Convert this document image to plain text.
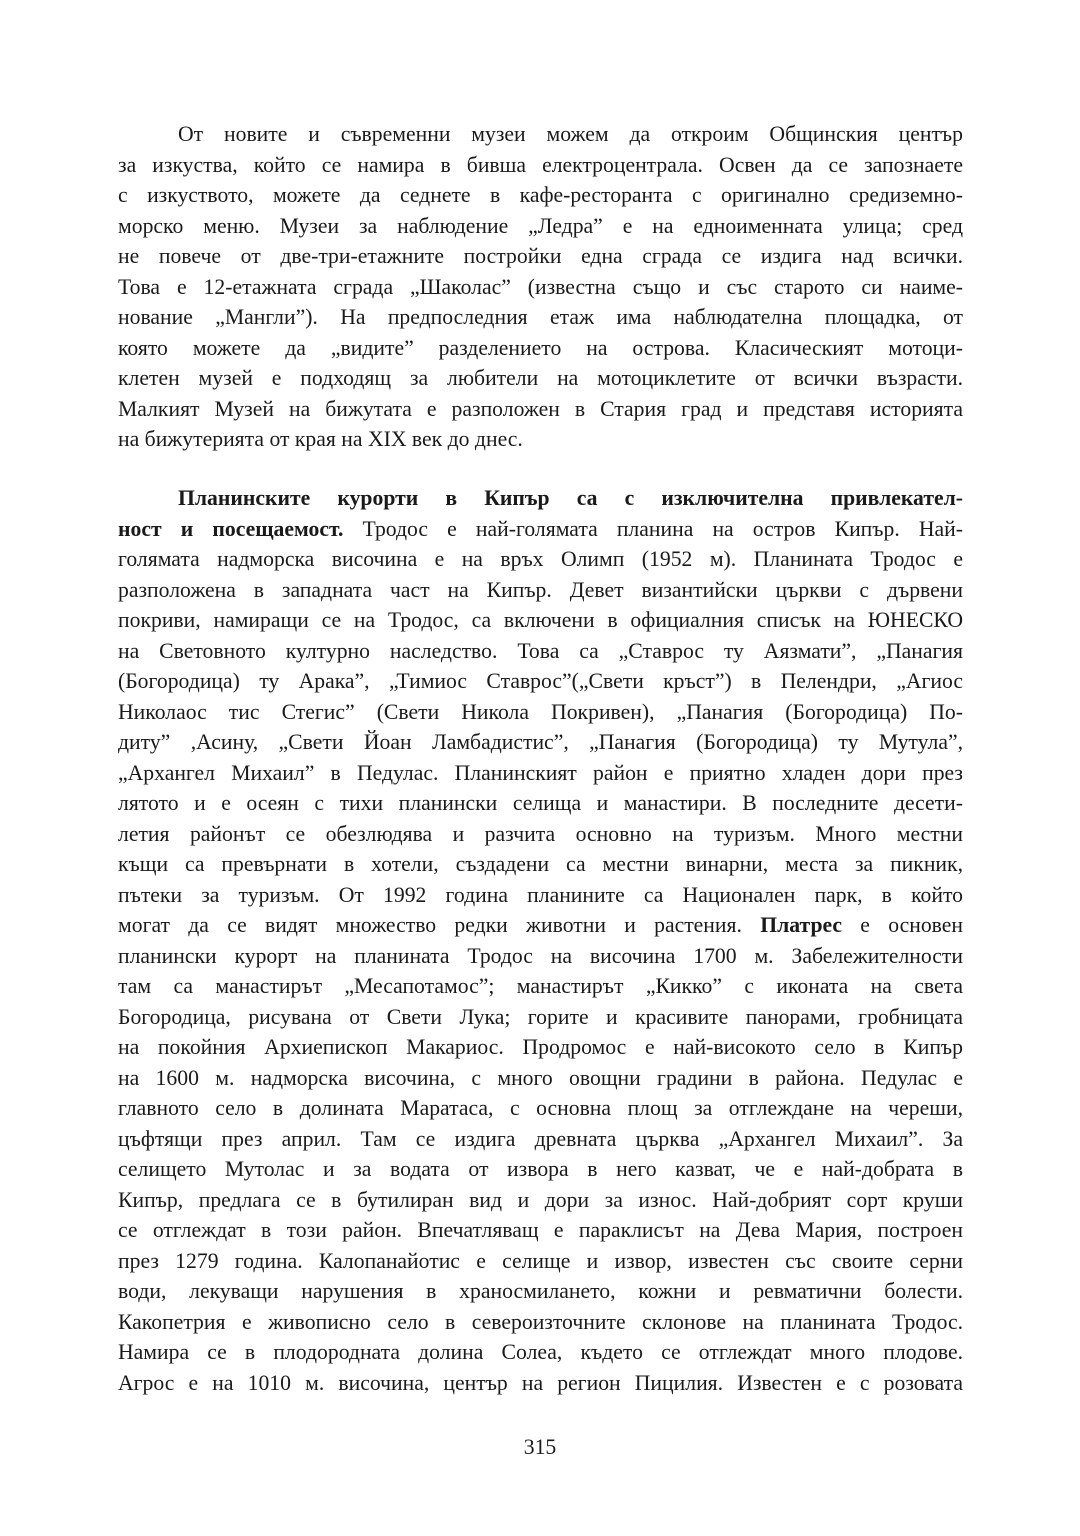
От новите и съвременни музеи можем да откроим Общинския център
за изкуства, който се намира в бивша електроцентрала. Освен да се запознаете
с изкуството, можете да седнете в кафе-ресторанта с оригинално средиземно-
морско меню. Музеи за наблюдение „Ледра” е на едноименната улица; сред
не повече от две-три-етажните постройки една сграда се издига над всички.
Това е 12-етажната сграда „Шаколас” (известна също и със старото си наиме-
нование „Мангли”). На предпоследния етаж има наблюдателна площадка, от
която можете да „видите” разделението на острова. Класическият мотоци-
клетен музей е подходящ за любители на мотоциклетите от всички възрасти.
Малкият Музей на бижутата е разположен в Стария град и представя историята
на бижутерията от края на XIX век до днес.
Планинските курорти в Кипър са с изключителна привлекател-
ност и посещаемост. Тродос е най-голямата планина на остров Кипър. Най-
голямата надморска височина е на връх Олимп (1952 м). Планината Тродос е
разположена в западната част на Кипър. Девет византийски църкви с дървени
покриви, намиращи се на Тродос, са включени в официалния списък на ЮНЕСКО
на Световното културно наследство. Това са „Ставрос ту Аязмати”, „Панагия
(Богородица) ту Арака”, „Тимиос Ставрос”(„Свети кръст”) в Пелендри, „Агиос
Николаос тис Стегис” (Свети Никола Покривен), „Панагия (Богородица) По-
диту” ,Асину, „Свети Йоан Ламбадистис”, „Панагия (Богородица) ту Мутула”,
„Архангел Михаил” в Педулас. Планинският район е приятно хладен дори през
лятото и е осеян с тихи планински селища и манастири. В последните десети-
летия районът се обезлюдява и разчита основно на туризъм. Много местни
къщи са превърнати в хотели, създадени са местни винарни, места за пикник,
пътеки за туризъм. От 1992 година планините са Национален парк, в който
могат да се видят множество редки животни и растения. Платрес е основен
планински курорт на планината Тродос на височина 1700 м. Забележителности
там са манастирът „Месапотамос”; манастирът „Кикко” с иконата на света
Богородица, рисувана от Свети Лука; горите и красивите панорами, гробницата
на покойния Архиепископ Макариос. Продромос е най-високото село в Кипър
на 1600 м. надморска височина, с много овощни градини в района. Педулас е
главното село в долината Маратаса, с основна площ за отглеждане на череши,
цъфтящи през април. Там се издига древната църква „Архангел Михаил”. За
селището Мутолас и за водата от извора в него казват, че е най-добрата в
Кипър, предлага се в бутилиран вид и дори за износ. Най-добрият сорт круши
се отглеждат в този район. Впечатляващ е параклисът на Дева Мария, построен
през 1279 година. Калопанайотис е селище и извор, известен със своите серни
води, лекуващи нарушения в храносмилането, кожни и ревматични болести.
Какопетрия е живописно село в североизточните склонове на планината Тродос.
Намира се в плодородната долина Солеа, където се отглеждат много плодове.
Агрос е на 1010 м. височина, център на регион Пицилия. Известен е с розовата
315
